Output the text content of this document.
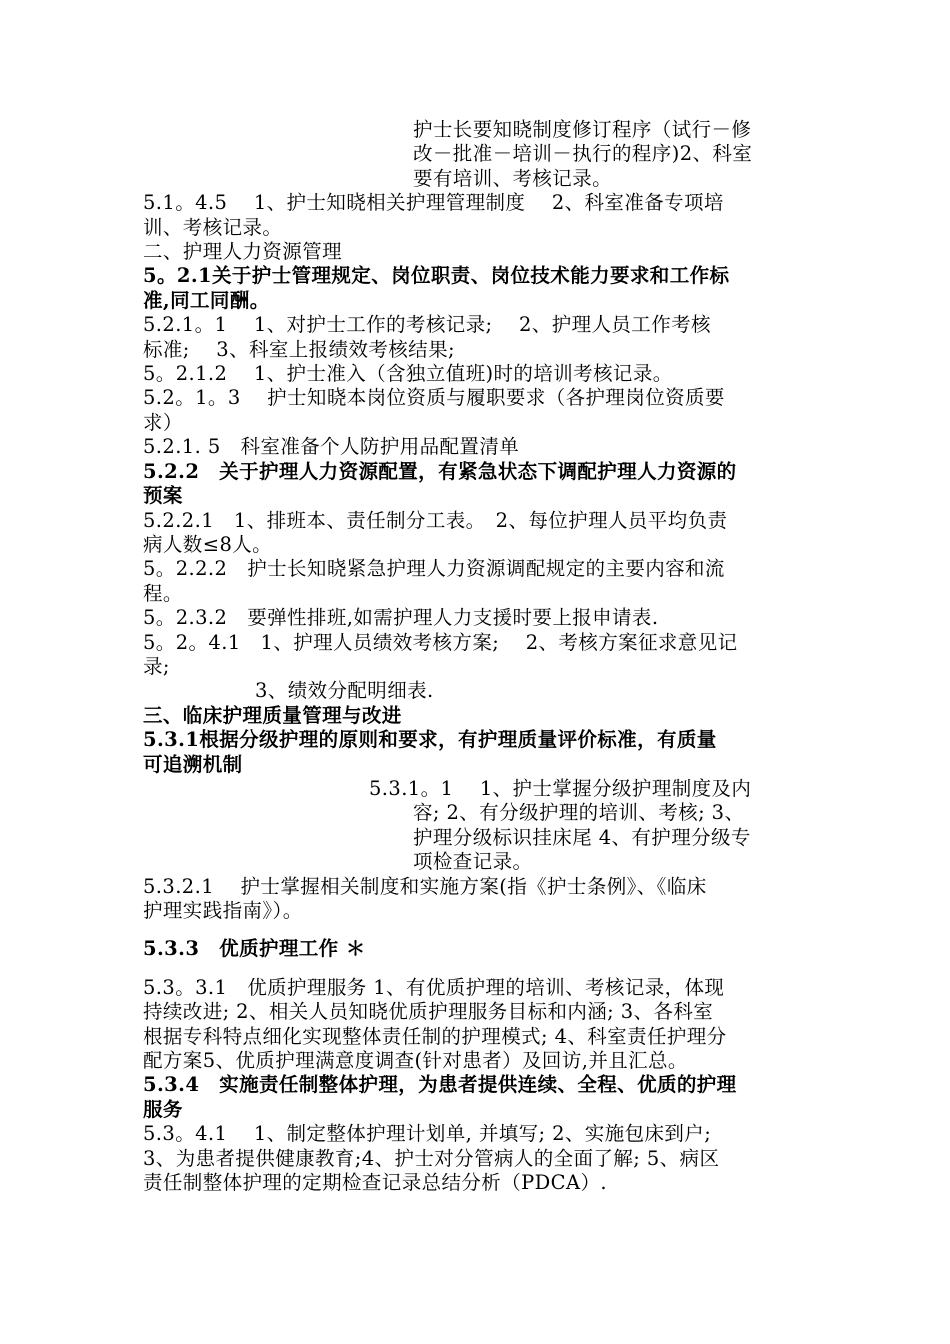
护士长要知晓制度修订程序（试行－修
改－批准－培训－执行的程序)2、科室
要有培训、考核记录。
5.1。4.5　 1、护士知晓相关护理管理制度　 2、科室准备专项培
训、考核记录。
二、护理人力资源管理
5。2.1关于护士管理规定、岗位职责、岗位技术能力要求和工作标
准,同工同酬。
5.2.1。1　 1、对护士工作的考核记录;　 2、护理人员工作考核
标准;　 3、科室上报绩效考核结果;
5。2.1.2　 1、护士准入（含独立值班)时的培训考核记录。
5.2。1。3　 护士知晓本岗位资质与履职要求（各护理岗位资质要
求）
5.2.1. 5　科室准备个人防护用品配置清单
5.2.2　关于护理人力资源配置，有紧急状态下调配护理人力资源的
预案
5.2.2.1　1、排班本、责任制分工表。　2、每位护理人员平均负责
病人数≤8人。
5。2.2.2　护士长知晓紧急护理人力资源调配规定的主要内容和流
程。
5。2.3.2　要弹性排班,如需护理人力支援时要上报申请表.
5。2。4.1　1、护理人员绩效考核方案;　 2、考核方案征求意见记
录;
3、绩效分配明细表.
三、临床护理质量管理与改进
5.3.1根据分级护理的原则和要求，有护理质量评价标准，有质量
可追溯机制
5.3.1。1　 1、护士掌握分级护理制度及内
容; 2、有分级护理的培训、考核; 3、
护理分级标识挂床尾 4、有护理分级专
项检查记录。
5.3.2.1　 护士掌握相关制度和实施方案(指《护士条例》、《临床
护理实践指南》）。
5.3.3　优质护理工作 ＊
5.3。3.1　优质护理服务 1、有优质护理的培训、考核记录，体现
持续改进; 2、相关人员知晓优质护理服务目标和内涵; 3、各科室
根据专科特点细化实现整体责任制的护理模式; 4、科室责任护理分
配方案5、优质护理满意度调查(针对患者）及回访,并且汇总。
5.3.4　实施责任制整体护理，为患者提供连续、全程、优质的护理
服务
5.3。4.1　 1、制定整体护理计划单, 并填写; 2、实施包床到户;
3、为患者提供健康教育;4、护士对分管病人的全面了解; 5、病区
责任制整体护理的定期检查记录总结分析（PDCA）.
